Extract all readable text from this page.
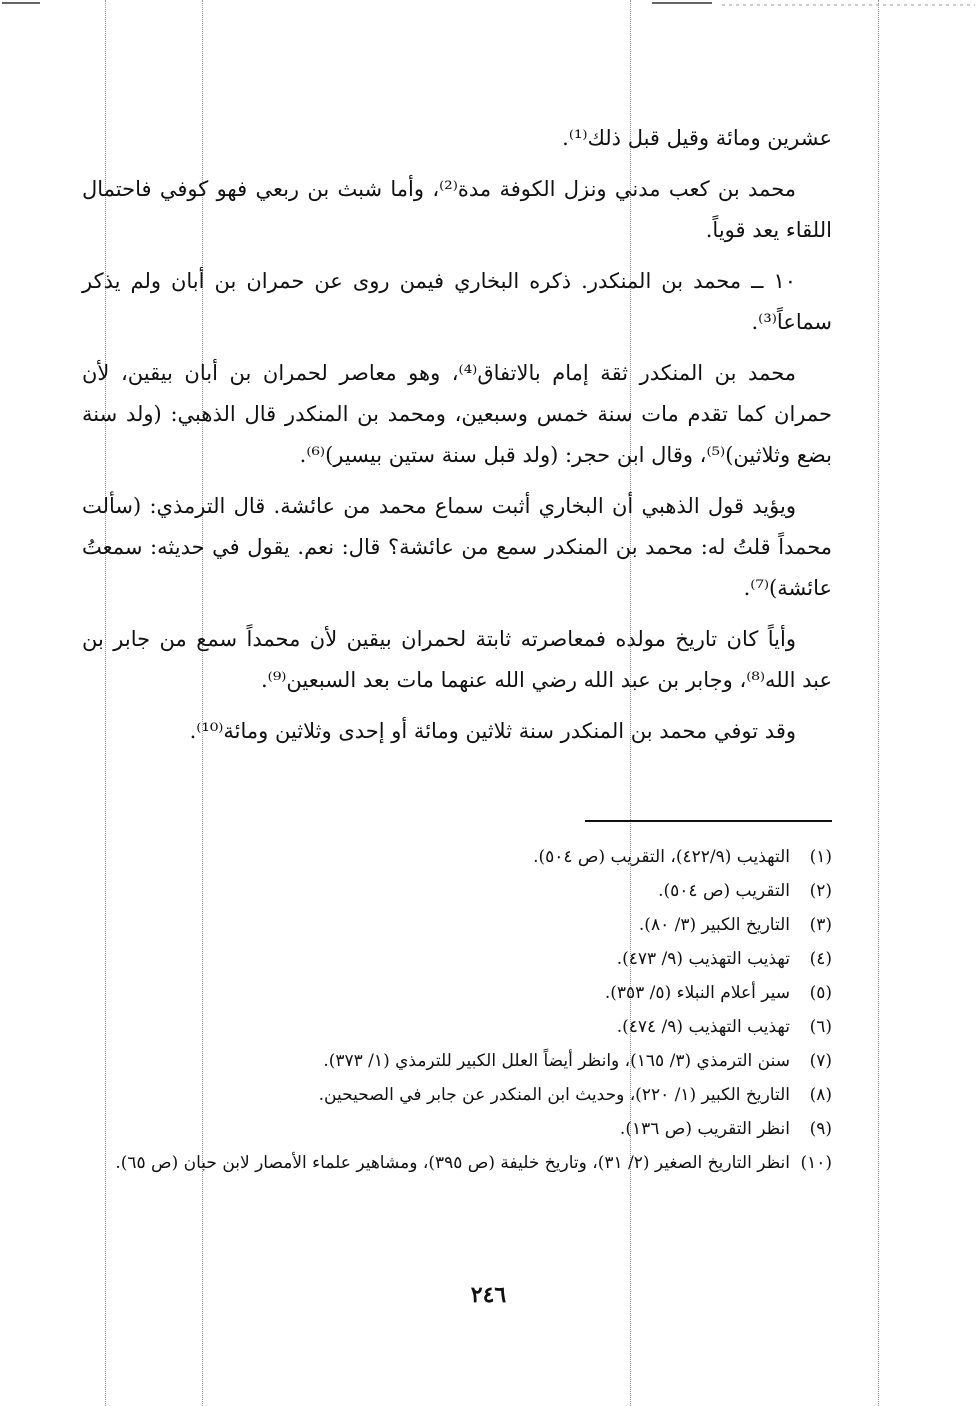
عشرين ومائة وقيل قبل ذلك⁽¹⁾.

محمد بن كعب مدني ونزل الكوفة مدة⁽²⁾، وأما شبث بن ربعي فهو كوفي فاحتمال اللقاء يعد قوياً.

١٠ ــ محمد بن المنكدر. ذكره البخاري فيمن روى عن حمران بن أبان ولم يذكر سماعاً⁽³⁾.

محمد بن المنكدر ثقة إمام بالاتفاق⁽⁴⁾، وهو معاصر لحمران بن أبان بيقين، لأن حمران كما تقدم مات سنة خمس وسبعين، ومحمد بن المنكدر قال الذهبي: (ولد سنة بضع وثلاثين)⁽⁵⁾، وقال ابن حجر: (ولد قبل سنة ستين بيسير)⁽⁶⁾.

ويؤيد قول الذهبي أن البخاري أثبت سماع محمد من عائشة. قال الترمذي: (سألت محمداً قلتُ له: محمد بن المنكدر سمع من عائشة؟ قال: نعم. يقول في حديثه: سمعتُ عائشة)⁽⁷⁾.

وأياً كان تاريخ مولده فمعاصرته ثابتة لحمران بيقين لأن محمداً سمع من جابر بن عبد الله⁽⁸⁾، وجابر بن عبد الله رضي الله عنهما مات بعد السبعين⁽⁹⁾.

وقد توفي محمد بن المنكدر سنة ثلاثين ومائة أو إحدى وثلاثين ومائة⁽¹⁰⁾.

(١)
التهذيب (٤٢٢/٩)، التقريب (ص ٥٠٤).
(٢)
التقريب (ص ٥٠٤).
(٣)
التاريخ الكبير (٣/ ٨٠).
(٤)
تهذيب التهذيب (٩/ ٤٧٣).
(٥)
سير أعلام النبلاء (٥/ ٣٥٣).
(٦)
تهذيب التهذيب (٩/ ٤٧٤).
(٧)
سنن الترمذي (٣/ ١٦٥)، وانظر أيضاً العلل الكبير للترمذي (١/ ٣٧٣).
(٨)
التاريخ الكبير (١/ ٢٢٠)، وحديث ابن المنكدر عن جابر في الصحيحين.
(٩)
انظر التقريب (ص ١٣٦).
(١٠)
انظر التاريخ الصغير (٢/ ٣١)، وتاريخ خليفة (ص ٣٩٥)، ومشاهير علماء الأمصار لابن حبان (ص ٦٥).
٢٤٦
